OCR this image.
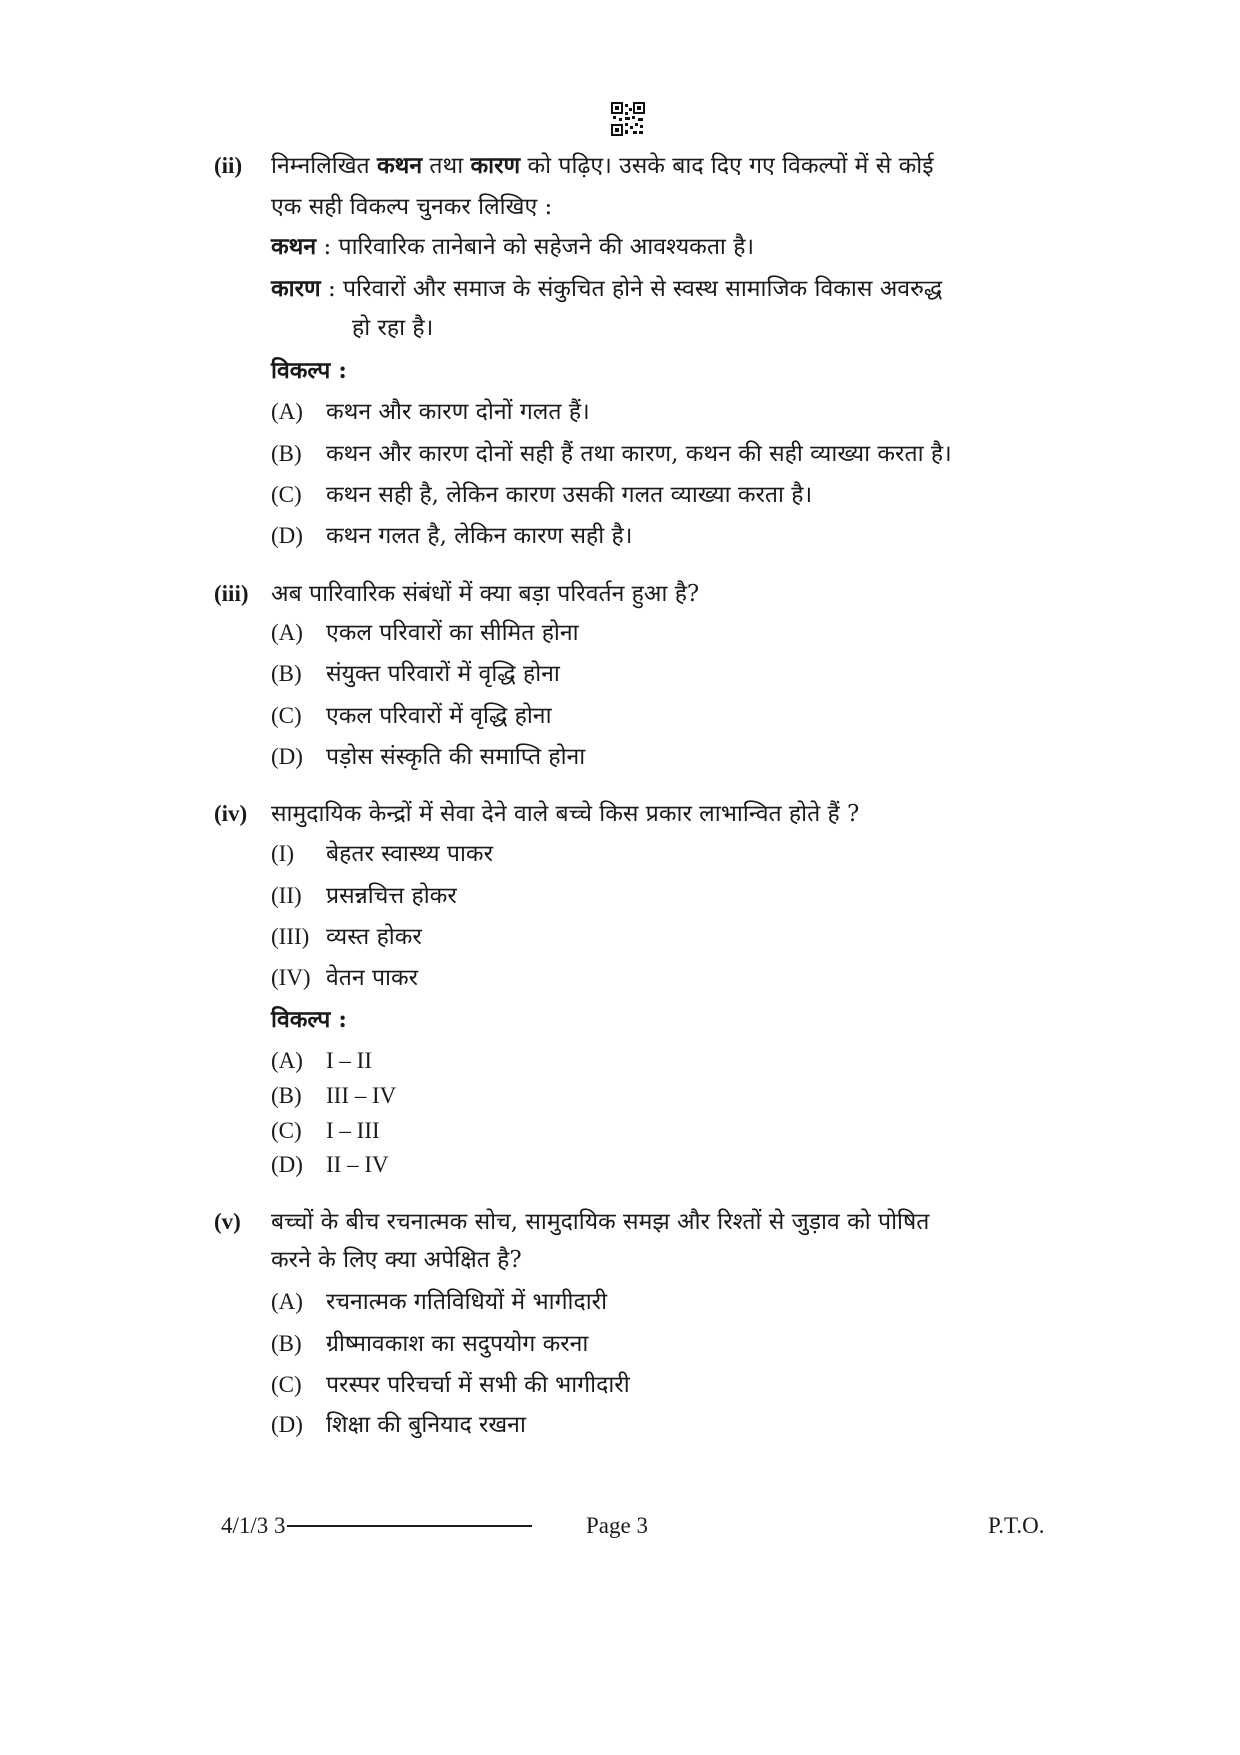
(ii) निम्नलिखित कथन तथा कारण को पढ़िए। उसके बाद दिए गए विकल्पों में से कोई
एक सही विकल्प चुनकर लिखिए :
कथन : पारिवारिक तानेबाने को सहेजने की आवश्यकता है।
कारण : परिवारों और समाज के संकुचित होने से स्वस्थ सामाजिक विकास अवरुद्ध
हो रहा है।
विकल्प :
(A) कथन और कारण दोनों गलत हैं।
(B) कथन और कारण दोनों सही हैं तथा कारण, कथन की सही व्याख्या करता है।
(C) कथन सही है, लेकिन कारण उसकी गलत व्याख्या करता है।
(D) कथन गलत है, लेकिन कारण सही है।
(iii) अब पारिवारिक संबंधों में क्या बड़ा परिवर्तन हुआ है?
(A) एकल परिवारों का सीमित होना
(B) संयुक्त परिवारों में वृद्धि होना
(C) एकल परिवारों में वृद्धि होना
(D) पड़ोस संस्कृति की समाप्ति होना
(iv) सामुदायिक केन्द्रों में सेवा देने वाले बच्चे किस प्रकार लाभान्वित होते हैं ?
(I) बेहतर स्वास्थ्य पाकर
(II) प्रसन्नचित्त होकर
(III) व्यस्त होकर
(IV) वेतन पाकर
विकल्प :
(A) I – II
(B) III – IV
(C) I – III
(D) II – IV
(v) बच्चों के बीच रचनात्मक सोच, सामुदायिक समझ और रिश्तों से जुड़ाव को पोषित
करने के लिए क्या अपेक्षित है?
(A) रचनात्मक गतिविधियों में भागीदारी
(B) ग्रीष्मावकाश का सदुपयोग करना
(C) परस्पर परिचर्चा में सभी की भागीदारी
(D) शिक्षा की बुनियाद रखना
4/1/3 3	Page 3	P.T.O.
